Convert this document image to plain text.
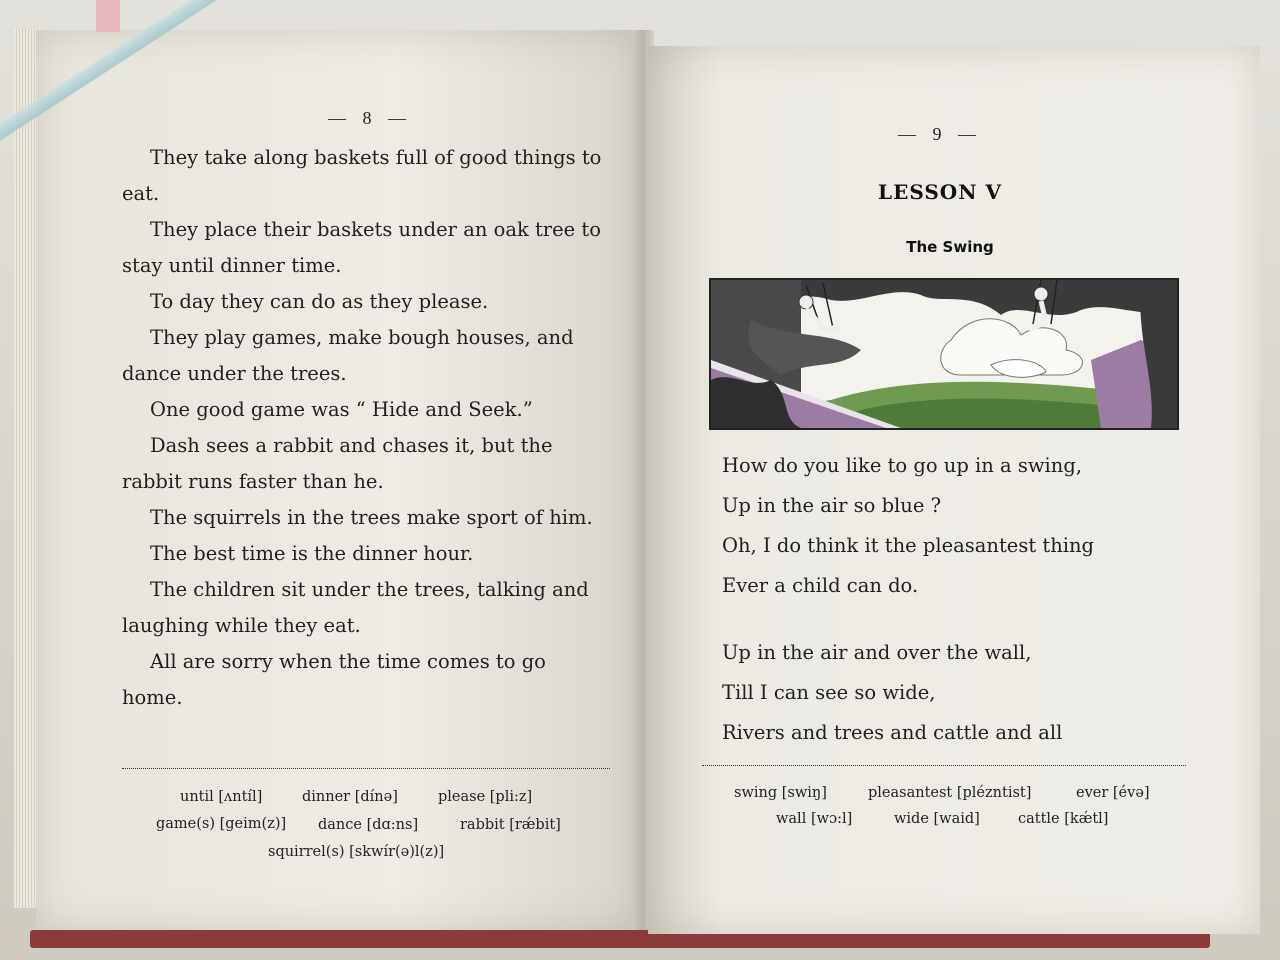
— 8 —

They take along baskets full of good things to eat.

They place their baskets under an oak tree to stay until dinner time.

To day they can do as they please.

They play games, make bough houses, and dance under the trees.

One good game was “ Hide and Seek.”

Dash sees a rabbit and chases it, but the rabbit runs faster than he.

The squirrels in the trees make sport of him.

The best time is the dinner hour.

The children sit under the trees, talking and laughing while they eat.

All are sorry when the time comes to go home.

until [ʌntíl]	dinner [dínə]	please [pli:z]
game(s) [geim(z)] dance [dɑ:ns]	rabbit [rǽbit]
squirrel(s) [skwír(ə)l(z)]
— 9 —
LESSON V
The Swing
How do you like to go up in a swing,
Up in the air so blue ?
Oh, I do think it the pleasantest thing
Ever a child can do.
Up in the air and over the wall,
Till I can see so wide,
Rivers and trees and cattle and all
swing [swiŋ]	pleasantest [plézntist]	ever [évə]
wall [wɔ:l]	wide [waid]	cattle [kǽtl]
